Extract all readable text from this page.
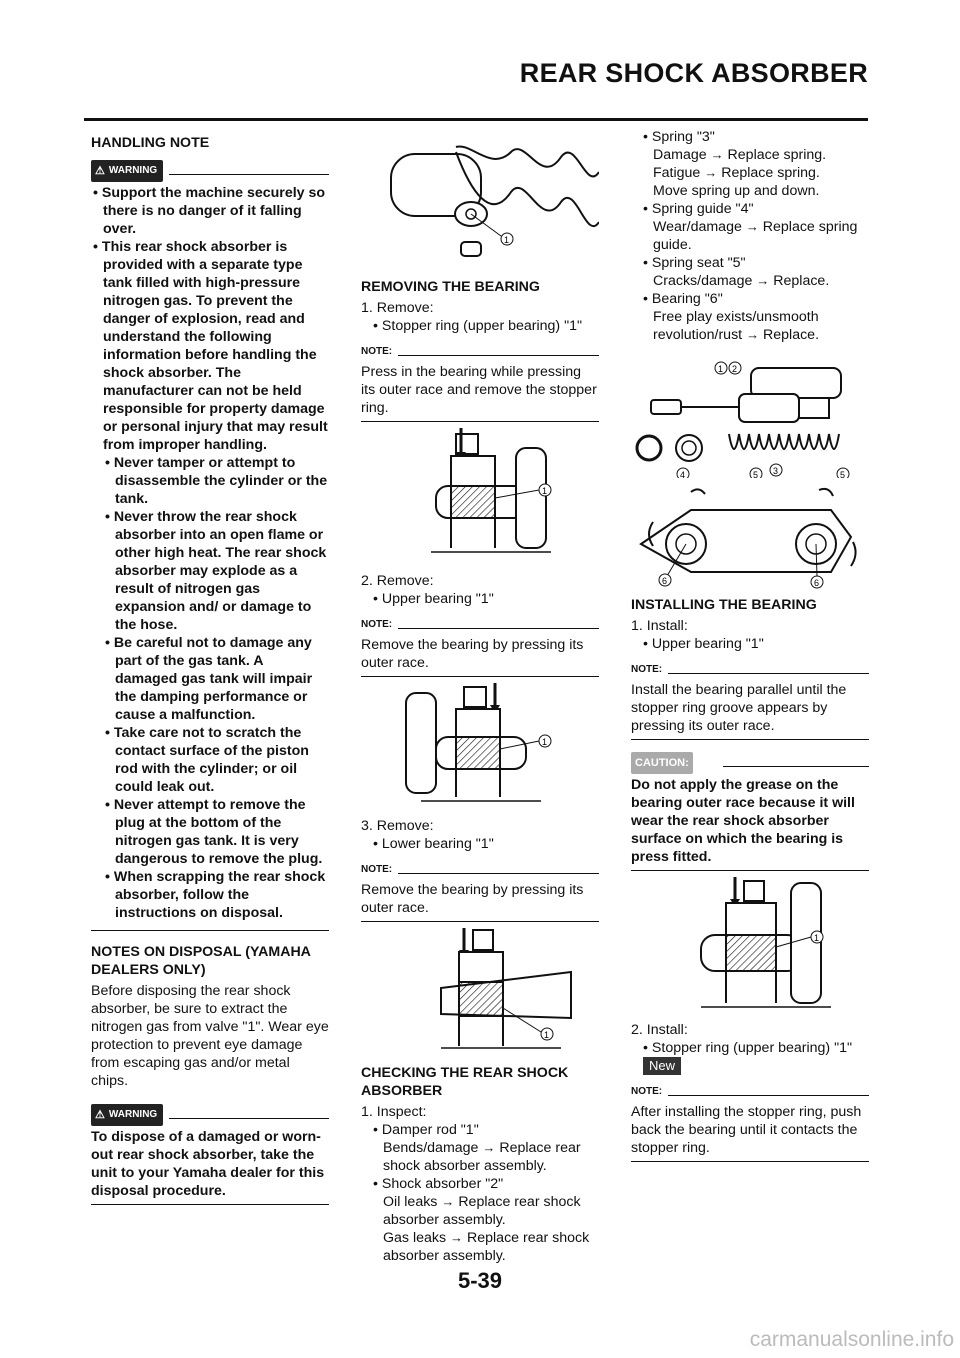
REAR SHOCK ABSORBER
HANDLING NOTE
⚠ WARNING

• Support the machine securely so there is no danger of it falling over.

• This rear shock absorber is provided with a separate type tank filled with high-pressure nitrogen gas. To prevent the danger of explosion, read and understand the following information before handling the shock absorber. The manufacturer can not be held responsible for property damage or personal injury that may result from improper handling.

• Never tamper or attempt to disassemble the cylinder or the tank.

• Never throw the rear shock absorber into an open flame or other high heat. The rear shock absorber may explode as a result of nitrogen gas expansion and/ or damage to the hose.

• Be careful not to damage any part of the gas tank. A damaged gas tank will impair the damping performance or cause a malfunction.

• Take care not to scratch the contact surface of the piston rod with the cylinder; or oil could leak out.

• Never attempt to remove the plug at the bottom of the nitrogen gas tank. It is very dangerous to remove the plug.

• When scrapping the rear shock absorber, follow the instructions on disposal.

NOTES ON DISPOSAL (YAMAHA DEALERS ONLY)

Before disposing the rear shock absorber, be sure to extract the nitrogen gas from valve "1". Wear eye protection to prevent eye damage from escaping gas and/or metal chips.

⚠ WARNING

To dispose of a damaged or worn-out rear shock absorber, take the unit to your Yamaha dealer for this disposal procedure.

1
REMOVING THE BEARING

1. Remove:

• Stopper ring (upper bearing) "1"

NOTE:

Press in the bearing while pressing its outer race and remove the stopper ring.

1

2. Remove:

• Upper bearing "1"

NOTE:

Remove the bearing by pressing its outer race.

1

3. Remove:

• Lower bearing "1"

NOTE:

Remove the bearing by pressing its outer race.

1
CHECKING THE REAR SHOCK ABSORBER

1. Inspect:

• Damper rod "1"

Bends/damage → Replace rear shock absorber assembly.

• Shock absorber "2"

Oil leaks → Replace rear shock absorber assembly.

Gas leaks → Replace rear shock absorber assembly.

• Spring "3"

Damage → Replace spring.

Fatigue → Replace spring.

Move spring up and down.

• Spring guide "4"

Wear/damage → Replace spring guide.

• Spring seat "5"

Cracks/damage → Replace.

• Bearing "6"

Free play exists/unsmooth revolution/rust → Replace.

1 2
4	5 3	5
6	6
INSTALLING THE BEARING

1. Install:

• Upper bearing "1"

NOTE:

Install the bearing parallel until the stopper ring groove appears by pressing its outer race.

CAUTION:

Do not apply the grease on the bearing outer race because it will wear the rear shock absorber surface on which the bearing is press fitted.

1

2. Install:

• Stopper ring (upper bearing) "1"

New

NOTE:

After installing the stopper ring, push back the bearing until it contacts the stopper ring.

5-39
carmanualsonline.info
